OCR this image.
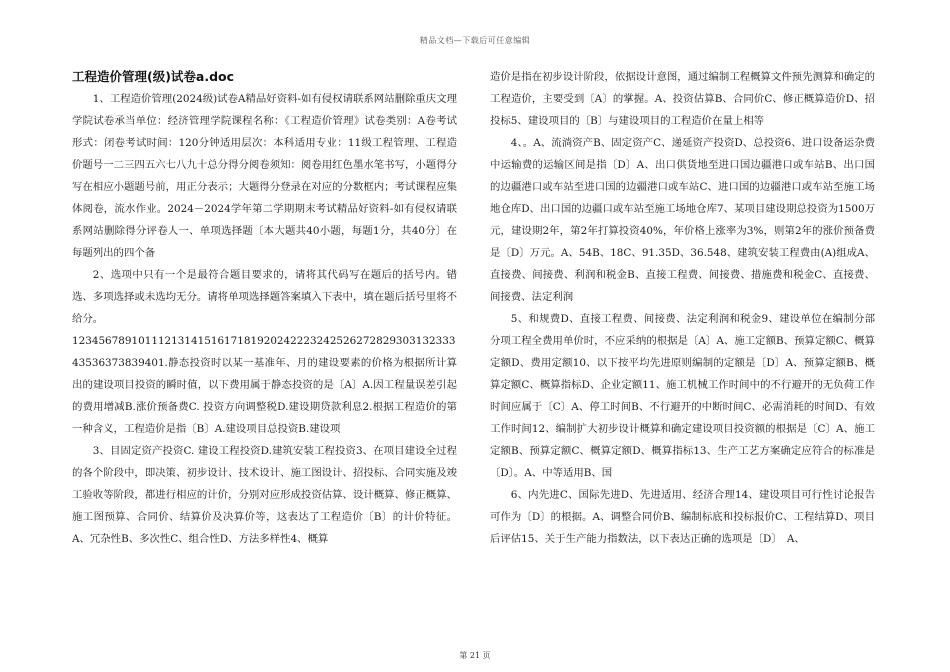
精品文档—下载后可任意编辑

工程造价管理(级)试卷a.doc

1、工程造价管理(2024级)试卷A精品好资料-如有侵权请联系网站删除重庆文理学院试卷承当单位：经济管理学院课程名称：《工程造价管理》试卷类别：A卷考试形式：闭卷考试时间：120分钟适用层次：本科适用专业：11级工程管理、工程造价题号一二三四五六七八九十总分得分阅卷须知：阅卷用红色墨水笔书写，小题得分写在相应小题题号前，用正分表示；大题得分登录在对应的分数框内；考试课程应集体阅卷，流水作业。2024－2024学年第二学期期末考试精品好资料-如有侵权请联系网站删除得分评卷人一、单项选择题〔本大题共40小题，每题1分，共40分〕在每题列出的四个备

2、选项中只有一个是最符合题目要求的，请将其代码写在题后的括号内。错选、多项选择或未选均无分。请将单项选择题答案填入下表中，填在题后括号里将不给分。

123456789101112131415161718192024222324252627282930313233343536373839401.静态投资时以某一基准年、月的建设要素的价格为根据所计算出的建设项目投资的瞬时值，以下费用属于静态投资的是〔A〕A.因工程量误差引起的费用增减B.涨价预备费C. 投资方向调整税D.建设期贷款利息2.根据工程造价的第一种含义，工程造价是指〔B〕A.建设项目总投资B.建设项

3、目固定资产投资C. 建设工程投资D.建筑安装工程投资3、在项目建设全过程的各个阶段中，即决策、初步设计、技术设计、施工图设计、招投标、合同实施及竣工验收等阶段，都进行相应的计价，分别对应形成投资估算、设计概算、修正概算、施工图预算、合同价、结算价及决算价等，这表达了工程造价〔B〕的计价特征。A、冗杂性B、多次性C、组合性D、方法多样性4、概算

造价是指在初步设计阶段，依据设计意图，通过编制工程概算文件预先测算和确定的工程造价，主要受到〔A〕的掌握。A、投资估算B、合同价C、修正概算造价D、招投标5、建设项目的〔B〕与建设项目的工程造价在量上相等

4、。A、流淌资产B、固定资产C、递延资产投资D、总投资6、进口设备运杂费中运输费的运输区间是指〔D〕A、出口供货地至进口国边疆港口或车站B、出口国的边疆港口或车站至进口国的边疆港口或车站C、进口国的边疆港口或车站至施工场地仓库D、出口国的边疆口或车站至施工场地仓库7、某项目建设期总投资为1500万元，建设期2年，第2年打算投资40%，年价格上涨率为3%，则第2年的涨价预备费是〔D〕万元。A、54B、18C、91.35D、36.548、建筑安装工程费由(A)组成A、直接费、间接费、利润和税金B、直接工程费、间接费、措施费和税金C、直接费、间接费、法定利润

5、和规费D、直接工程费、间接费、法定利润和税金9、建设单位在编制分部分项工程全费用单价时，不应采纳的根据是〔A〕A、施工定额B、预算定额C、概算定额D、费用定额10、以下按平均先进原则编制的定额是〔D〕A、预算定额B、概算定额C、概算指标D、企业定额11、施工机械工作时间中的不行避开的无负荷工作时间应属于〔C〕A、停工时间B、不行避开的中断时间C、必需消耗的时间D、有效工作时间12、编制扩大初步设计概算和确定建设项目投资额的根据是〔C〕A、施工定额B、预算定额C、概算定额D、概算指标13、生产工艺方案确定应符合的标准是〔D〕。A、中等适用B、国

6、内先进C、国际先进D、先进适用、经济合理14、建设项目可行性讨论报告可作为〔D〕的根据。A、调整合同价B、编制标底和投标报价C、工程结算D、项目后评估15、关于生产能力指数法，以下表达正确的选项是〔D〕　A、

第 21 页
